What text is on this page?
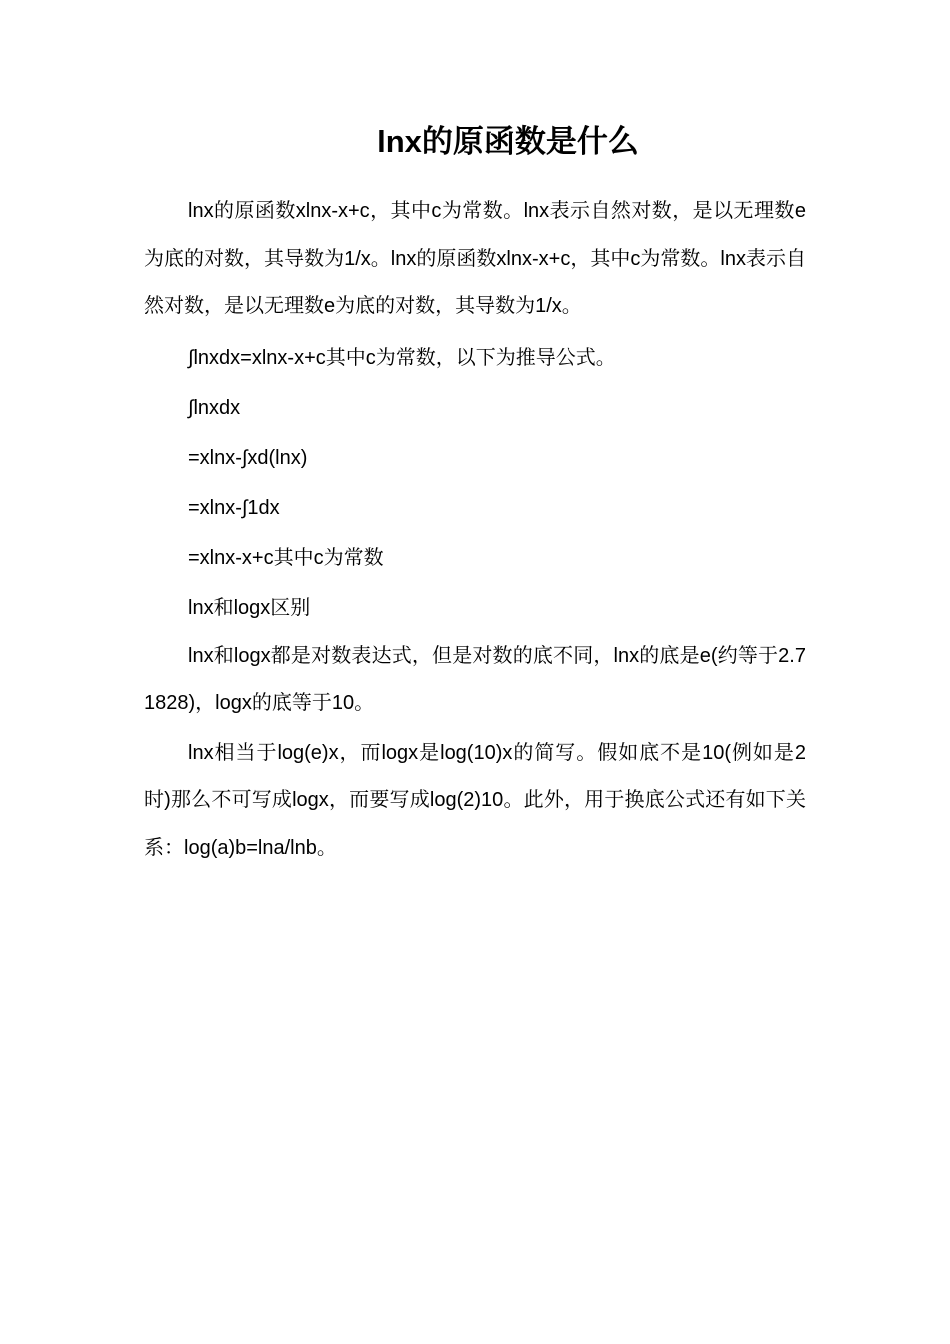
lnx的原函数是什么

lnx的原函数xlnx-x+c，其中c为常数。lnx表示自然对数，是以无理数e为底的对数，其导数为1/x。lnx的原函数xlnx-x+c，其中c为常数。lnx表示自然对数，是以无理数e为底的对数，其导数为1/x。

∫lnxdx=xlnx-x+c其中c为常数，以下为推导公式。

∫lnxdx

=xlnx-∫xd(lnx)

=xlnx-∫1dx

=xlnx-x+c其中c为常数

lnx和logx区别

lnx和logx都是对数表达式，但是对数的底不同，lnx的底是e(约等于2.71828)，logx的底等于10。

lnx相当于log(e)x，而logx是log(10)x的简写。假如底不是10(例如是2时)那么不可写成logx，而要写成log(2)10。此外，用于换底公式还有如下关系：log(a)b=lna/lnb。
